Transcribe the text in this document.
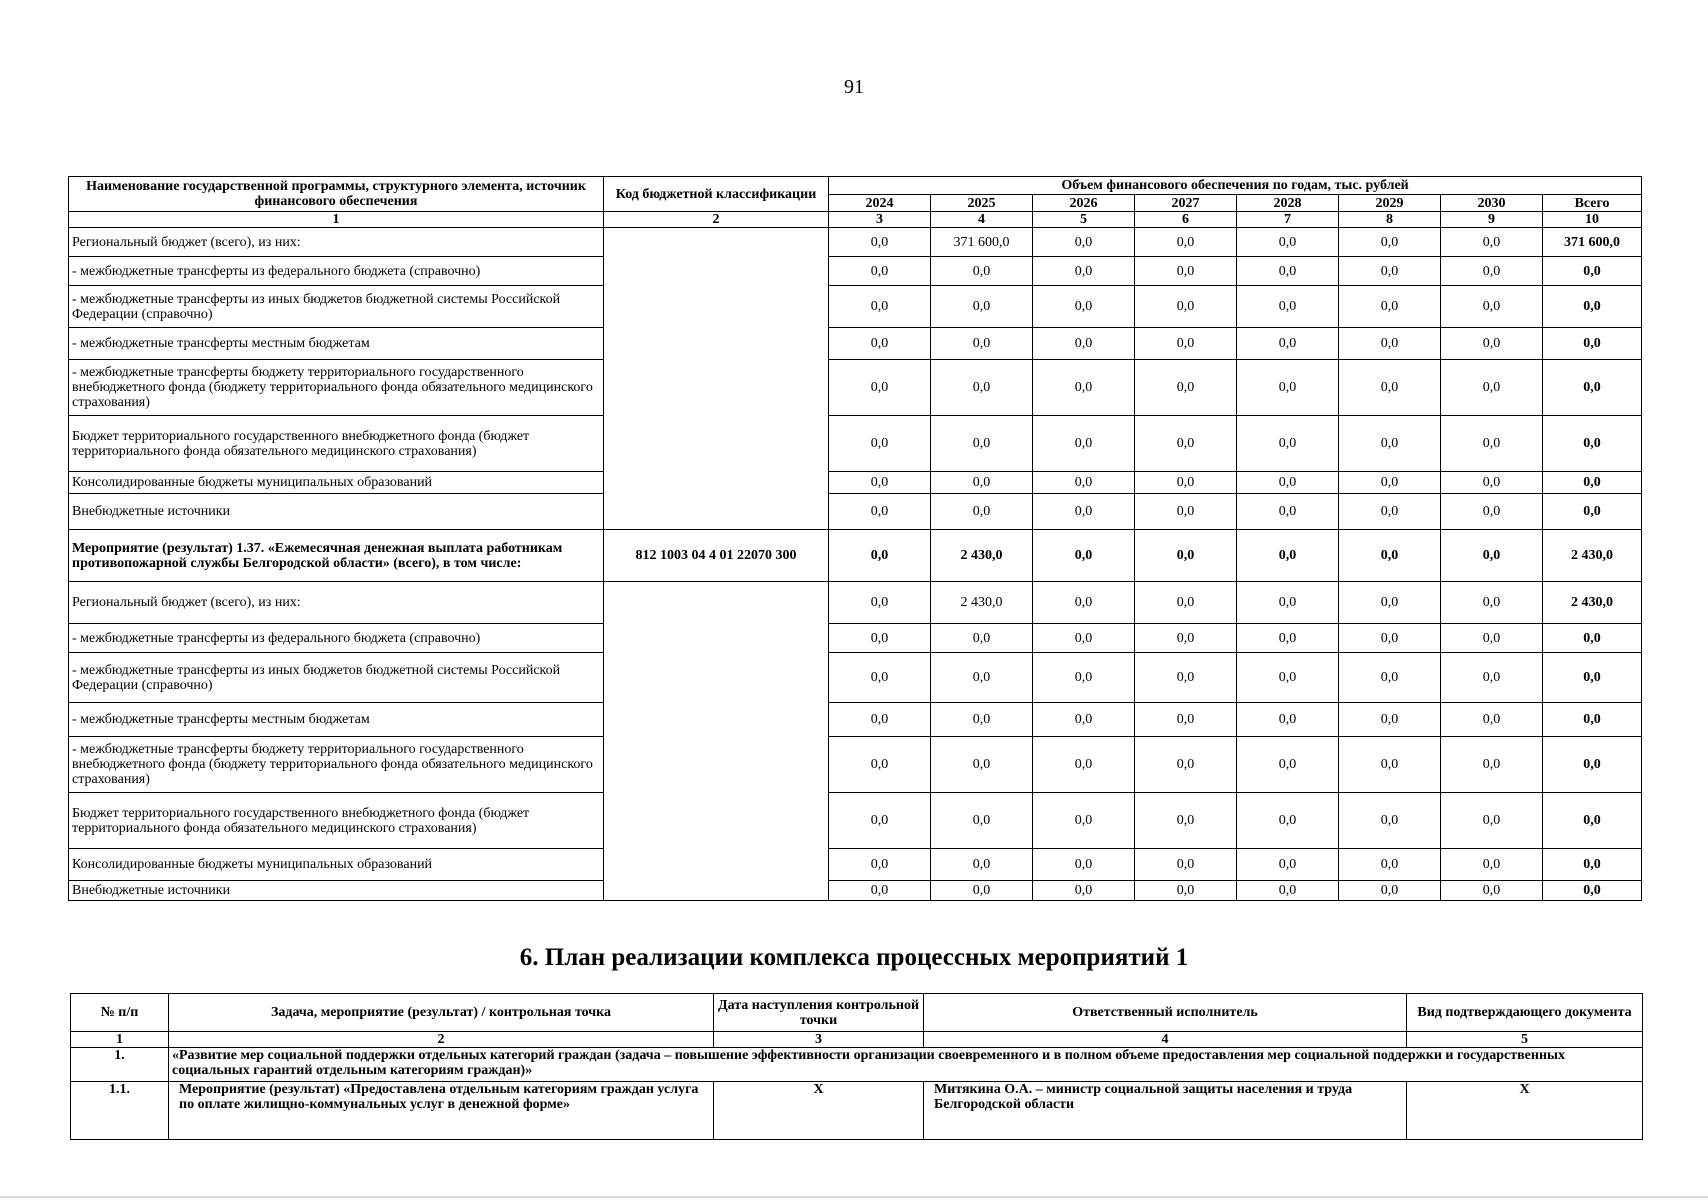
91
Наименование государственной программы, структурного элемента, источник финансового обеспечения	Код бюджетной классификации	Объем финансового обеспечения по годам, тыс. рублей							
		2024	2025	2026	2027	2028	2029	2030	Всего
1	2	3	4	5	6	7	8	9	10
Региональный бюджет (всего), из них:		0,0	371 600,0	0,0	0,0	0,0	0,0	0,0	371 600,0
- межбюджетные трансферты из федерального бюджета (справочно)		0,0	0,0	0,0	0,0	0,0	0,0	0,0	0,0
- межбюджетные трансферты из иных бюджетов бюджетной системы Российской Федерации (справочно)		0,0	0,0	0,0	0,0	0,0	0,0	0,0	0,0
- межбюджетные трансферты местным бюджетам		0,0	0,0	0,0	0,0	0,0	0,0	0,0	0,0
- межбюджетные трансферты бюджету территориального государственного внебюджетного фонда (бюджету территориального фонда обязательного медицинского страхования)		0,0	0,0	0,0	0,0	0,0	0,0	0,0	0,0
Бюджет территориального государственного внебюджетного фонда (бюджет территориального фонда обязательного медицинского страхования)		0,0	0,0	0,0	0,0	0,0	0,0	0,0	0,0
Консолидированные бюджеты муниципальных образований		0,0	0,0	0,0	0,0	0,0	0,0	0,0	0,0
Внебюджетные источники		0,0	0,0	0,0	0,0	0,0	0,0	0,0	0,0
Мероприятие (результат) 1.37. «Ежемесячная денежная выплата работникам противопожарной службы Белгородской области» (всего), в том числе:	812 1003 04 4 01 22070 300	0,0	2 430,0	0,0	0,0	0,0	0,0	0,0	2 430,0
Региональный бюджет (всего), из них:		0,0	2 430,0	0,0	0,0	0,0	0,0	0,0	2 430,0
- межбюджетные трансферты из федерального бюджета (справочно)		0,0	0,0	0,0	0,0	0,0	0,0	0,0	0,0
- межбюджетные трансферты из иных бюджетов бюджетной системы Российской Федерации (справочно)		0,0	0,0	0,0	0,0	0,0	0,0	0,0	0,0
- межбюджетные трансферты местным бюджетам		0,0	0,0	0,0	0,0	0,0	0,0	0,0	0,0
- межбюджетные трансферты бюджету территориального государственного внебюджетного фонда (бюджету территориального фонда обязательного медицинского страхования)		0,0	0,0	0,0	0,0	0,0	0,0	0,0	0,0
Бюджет территориального государственного внебюджетного фонда (бюджет территориального фонда обязательного медицинского страхования)		0,0	0,0	0,0	0,0	0,0	0,0	0,0	0,0
Консолидированные бюджеты муниципальных образований		0,0	0,0	0,0	0,0	0,0	0,0	0,0	0,0
Внебюджетные источники		0,0	0,0	0,0	0,0	0,0	0,0	0,0	0,0
6. План реализации комплекса процессных мероприятий 1
№ п/п	Задача, мероприятие (результат) / контрольная точка	Дата наступления контрольной точки	Ответственный исполнитель	Вид подтверждающего документа
1	2	3	4	5
1.	«Развитие мер социальной поддержки отдельных категорий граждан (задача – повышение эффективности организации своевременного и в полном объеме предоставления мер социальной поддержки и государственных социальных гарантий отдельным категориям граждан)»			
1.1.	Мероприятие (результат) «Предоставлена отдельным категориям граждан услуга по оплате жилищно-коммунальных услуг в денежной форме»	Х	Митякина О.А. – министр социальной защиты населения и труда Белгородской области	Х
